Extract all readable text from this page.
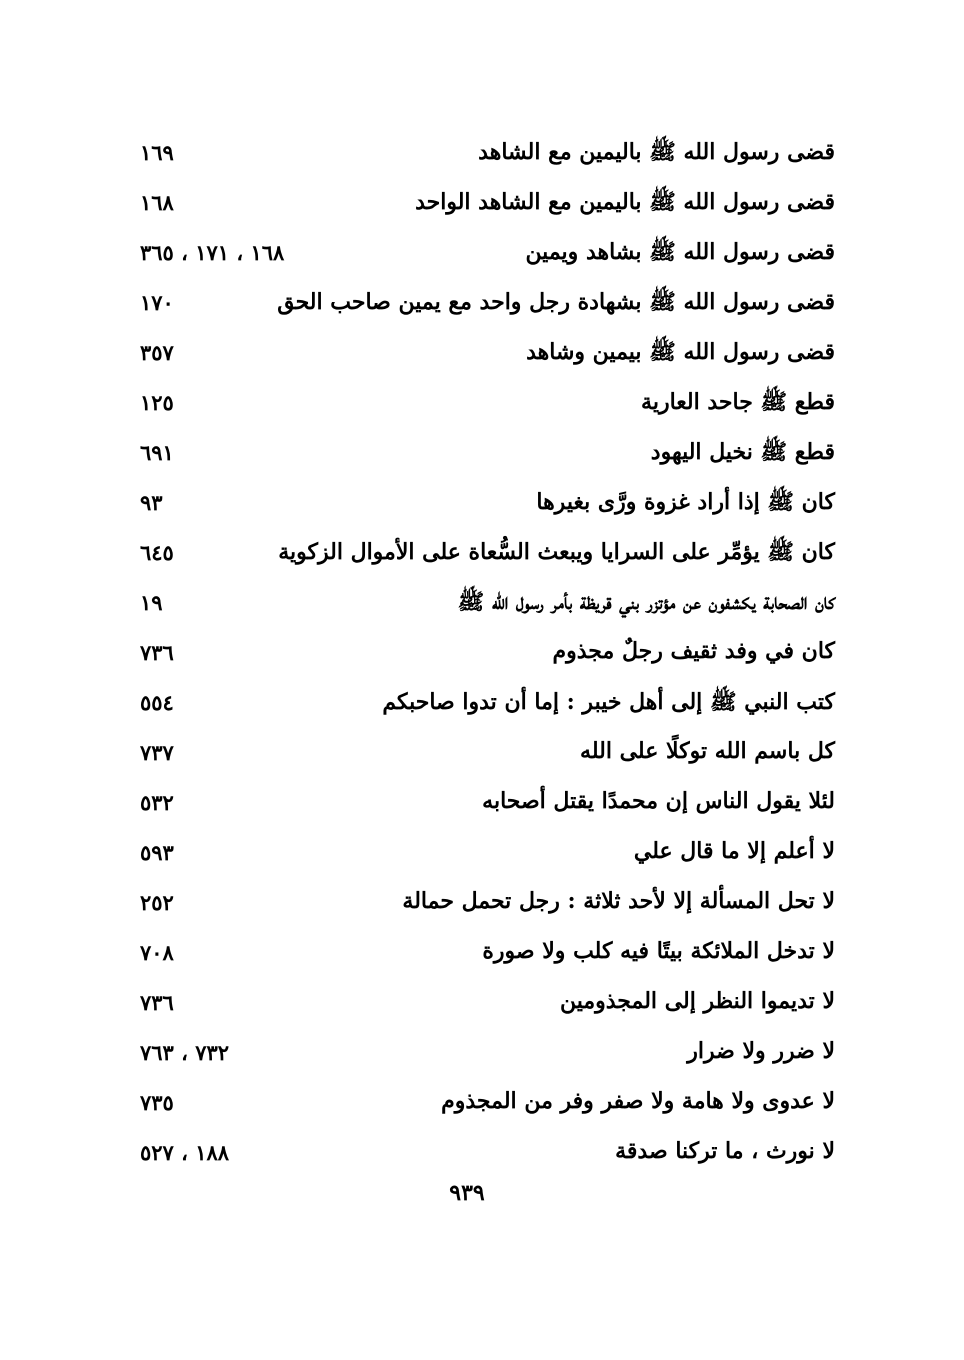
قضى رسول الله ﷺ باليمين مع الشاهد
١٦٩
قضى رسول الله ﷺ باليمين مع الشاهد الواحد
١٦٨
قضى رسول الله ﷺ بشاهد ويمين
١٦٨ ، ١٧١ ، ٣٦٥
قضى رسول الله ﷺ بشهادة رجل واحد مع يمين صاحب الحق
١٧٠
قضى رسول الله ﷺ بيمين وشاهد
٣٥٧
قطع ﷺ جاحد العارية
١٢٥
قطع ﷺ نخيل اليهود
٦٩١
كان ﷺ إذا أراد غزوة ورَّى بغيرها
٩٣
كان ﷺ يؤمِّر على السرايا ويبعث السُّعاة على الأموال الزكوية
٦٤٥
كان الصحابة يكشفون عن مؤتزر بني قريظة بأمر رسول الله ﷺ
١٩
كان في وفد ثقيف رجلٌ مجذوم
٧٣٦
كتب النبي ﷺ إلى أهل خيبر : إما أن تدوا صاحبكم
٥٥٤
كل باسم الله توكلًا على الله
٧٣٧
لئلا يقول الناس إن محمدًا يقتل أصحابه
٥٣٢
لا أعلم إلا ما قال علي
٥٩٣
لا تحل المسألة إلا لأحد ثلاثة : رجل تحمل حمالة
٢٥٢
لا تدخل الملائكة بيتًا فيه كلب ولا صورة
٧٠٨
لا تديموا النظر إلى المجذومين
٧٣٦
لا ضرر ولا ضرار
٧٣٢ ، ٧٦٣
لا عدوى ولا هامة ولا صفر وفر من المجذوم
٧٣٥
لا نورث ، ما تركنا صدقة
١٨٨ ، ٥٢٧
٩٣٩
